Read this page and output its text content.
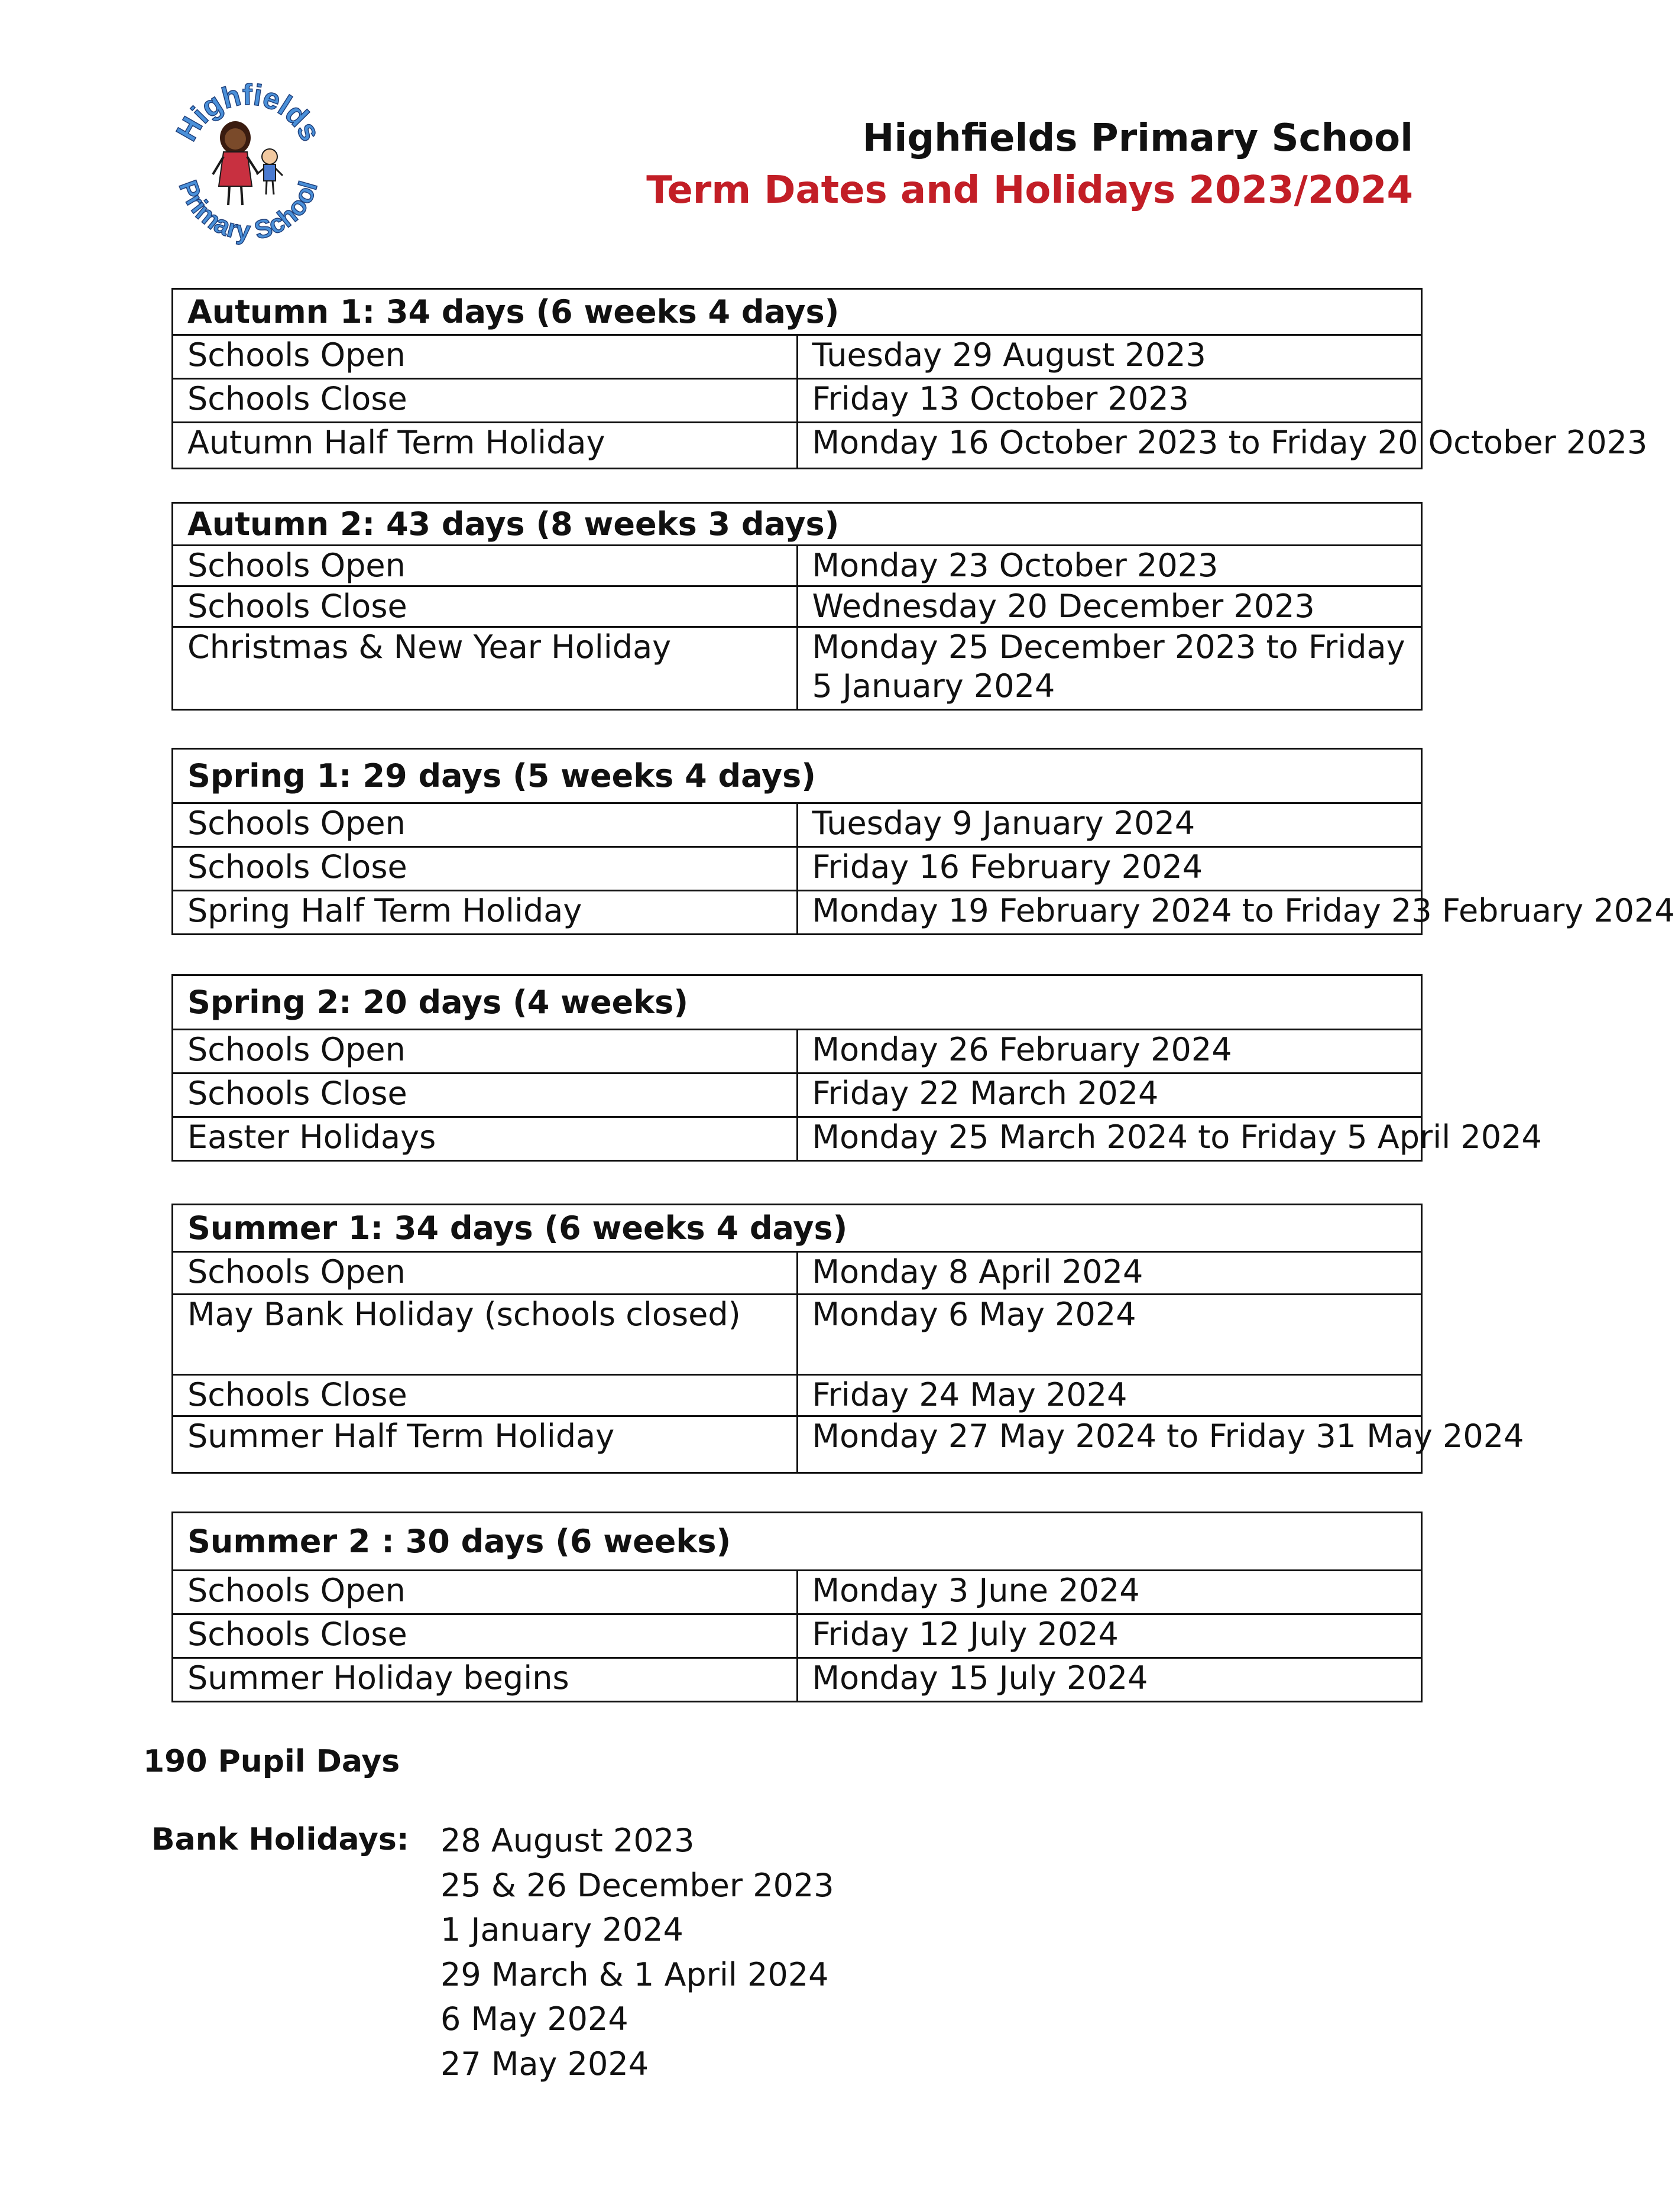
Highfields
Primary School
Highfields Primary School
Term Dates and Holidays 2023/2024
Autumn 1: 34 days (6 weeks 4 days)	
Schools Open	Tuesday 29 August 2023
Schools Close	Friday 13 October 2023
Autumn Half Term Holiday	Monday 16 October 2023 to Friday 20 October 2023
Autumn 2: 43 days (8 weeks 3 days)	
Schools Open	Monday 23 October 2023
Schools Close	Wednesday 20 December 2023
Christmas & New Year Holiday	Monday 25 December 2023 to Friday 5 January 2024
Spring 1: 29 days (5 weeks 4 days)	
Schools Open	Tuesday 9 January 2024
Schools Close	Friday 16 February 2024
Spring Half Term Holiday	Monday 19 February 2024 to Friday 23 February 2024
Spring 2: 20 days (4 weeks)	
Schools Open	Monday 26 February 2024
Schools Close	Friday 22 March 2024
Easter Holidays	Monday 25 March 2024 to Friday 5 April 2024
Summer 1: 34 days (6 weeks 4 days)	
Schools Open	Monday 8 April 2024
May Bank Holiday (schools closed)	Monday 6 May 2024
Schools Close	Friday 24 May 2024
Summer Half Term Holiday	Monday 27 May 2024 to Friday 31 May 2024
Summer 2 : 30 days (6 weeks)	
Schools Open	Monday 3 June 2024
Schools Close	Friday 12 July 2024
Summer Holiday begins	Monday 15 July 2024
190 Pupil Days
Bank Holidays: 28 August 2023
25 & 26 December 2023
1 January 2024
29 March & 1 April 2024
6 May 2024
27 May 2024
